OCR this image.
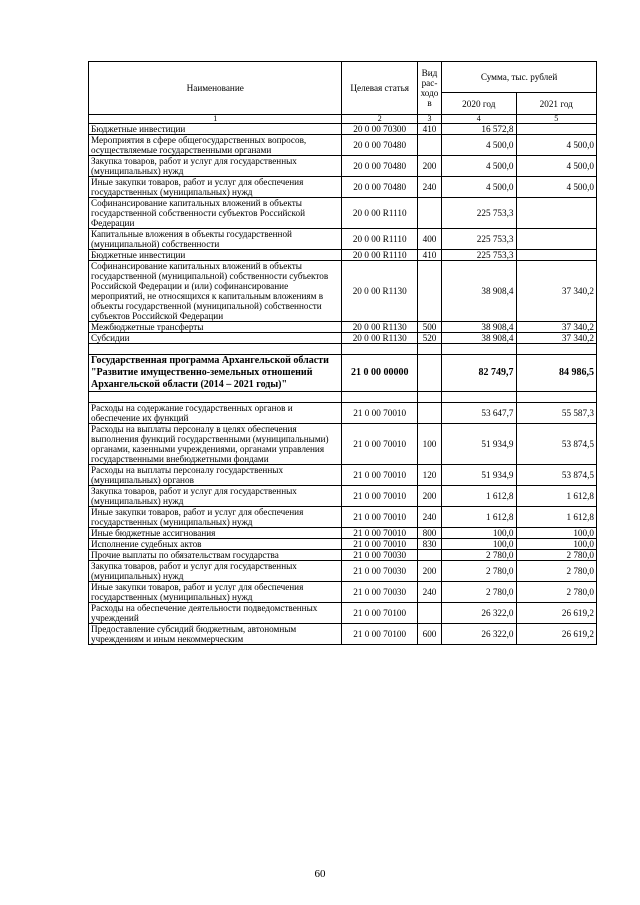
Наименование	Целевая статья	Вид рас-ходов	Сумма, тыс. рублей	
			2020 год	2021 год
1	2	3	4	5
Бюджетные инвестиции	20 0 00 70300	410	16 572,8	
Мероприятия в сфере общегосударственных вопросов, осуществляемые государственными органами	20 0 00 70480		4 500,0	4 500,0
Закупка товаров, работ и услуг для государственных (муниципальных) нужд	20 0 00 70480	200	4 500,0	4 500,0
Иные закупки товаров, работ и услуг для обеспечения государственных (муниципальных) нужд	20 0 00 70480	240	4 500,0	4 500,0
Софинансирование капитальных вложений в объекты государственной собственности субъектов Российской Федерации	20 0 00 R1110		225 753,3	
Капитальные вложения в объекты государственной (муниципальной) собственности	20 0 00 R1110	400	225 753,3	
Бюджетные инвестиции	20 0 00 R1110	410	225 753,3	
Софинансирование капитальных вложений в объекты государственной (муниципальной) собственности субъектов Российской Федерации и (или) софинансирование мероприятий, не относящихся к капитальным вложениям в объекты государственной (муниципальной) собственности субъектов Российской Федерации	20 0 00 R1130		38 908,4	37 340,2
Межбюджетные трансферты	20 0 00 R1130	500	38 908,4	37 340,2
Субсидии	20 0 00 R1130	520	38 908,4	37 340,2

Государственная программа Архангельской области "Развитие имущественно-земельных отношений Архангельской области (2014 – 2021 годы)"	21 0 00 00000		82 749,7	84 986,5

Расходы на содержание государственных органов и обеспечение их функций	21 0 00 70010		53 647,7	55 587,3
Расходы на выплаты персоналу в целях обеспечения выполнения функций государственными (муниципальными) органами, казенными учреждениями, органами управления государственными внебюджетными фондами	21 0 00 70010	100	51 934,9	53 874,5
Расходы на выплаты персоналу государственных (муниципальных) органов	21 0 00 70010	120	51 934,9	53 874,5
Закупка товаров, работ и услуг для государственных (муниципальных) нужд	21 0 00 70010	200	1 612,8	1 612,8
Иные закупки товаров, работ и услуг для обеспечения государственных (муниципальных) нужд	21 0 00 70010	240	1 612,8	1 612,8
Иные бюджетные ассигнования	21 0 00 70010	800	100,0	100,0
Исполнение судебных актов	21 0 00 70010	830	100,0	100,0
Прочие выплаты по обязательствам государства	21 0 00 70030		2 780,0	2 780,0
Закупка товаров, работ и услуг для государственных (муниципальных) нужд	21 0 00 70030	200	2 780,0	2 780,0
Иные закупки товаров, работ и услуг для обеспечения государственных (муниципальных) нужд	21 0 00 70030	240	2 780,0	2 780,0
Расходы на обеспечение деятельности подведомственных учреждений	21 0 00 70100		26 322,0	26 619,2
Предоставление субсидий бюджетным, автономным учреждениям и иным некоммерческим	21 0 00 70100	600	26 322,0	26 619,2
60
